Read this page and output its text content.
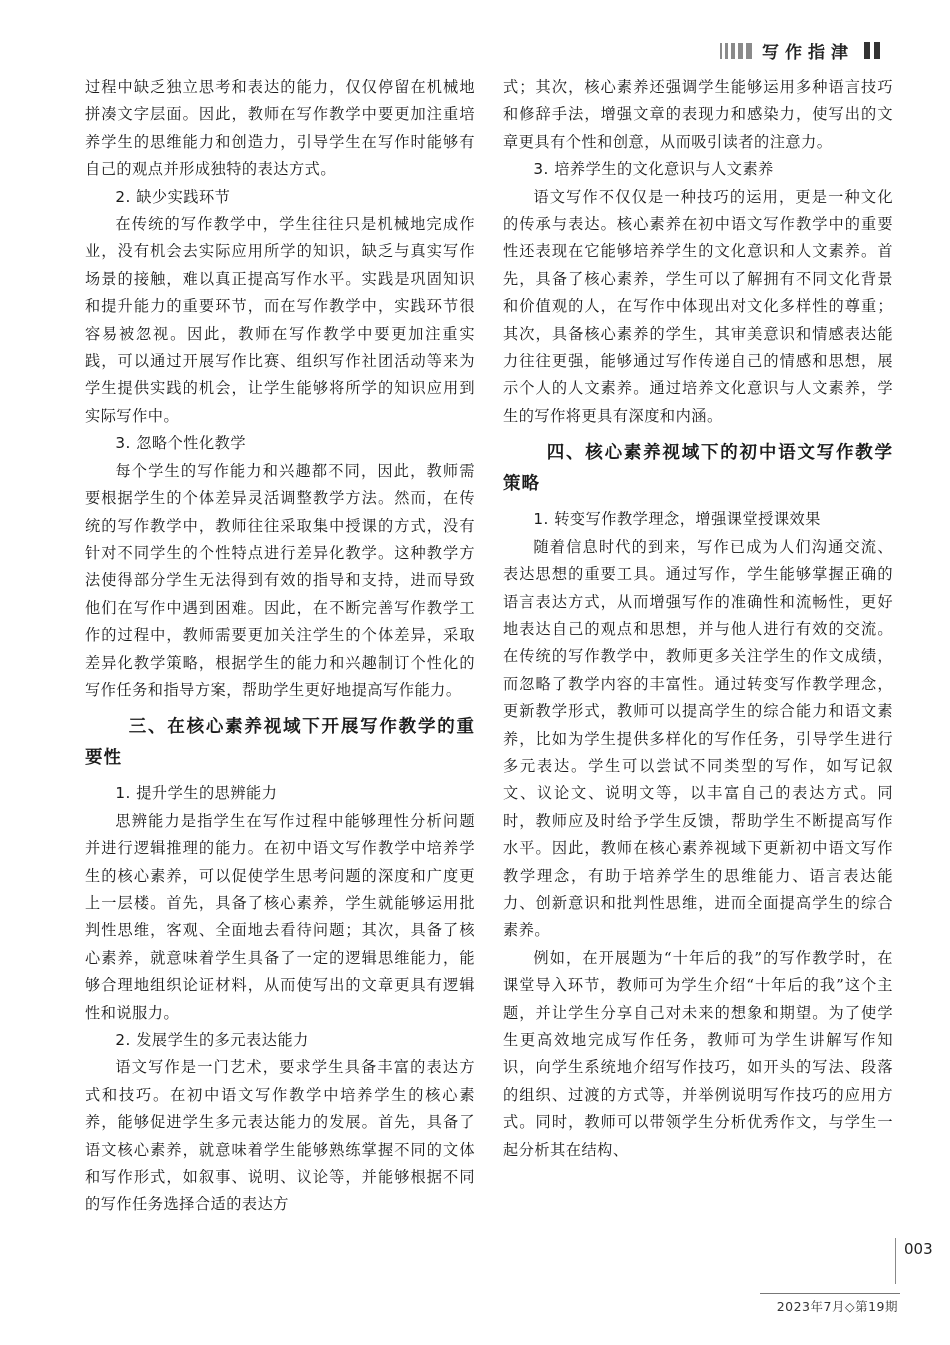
写作指津

过程中缺乏独立思考和表达的能力，仅仅停留在机械地拼凑文字层面。因此，教师在写作教学中要更加注重培养学生的思维能力和创造力，引导学生在写作时能够有自己的观点并形成独特的表达方式。

2. 缺少实践环节

在传统的写作教学中，学生往往只是机械地完成作业，没有机会去实际应用所学的知识，缺乏与真实写作场景的接触，难以真正提高写作水平。实践是巩固知识和提升能力的重要环节，而在写作教学中，实践环节很容易被忽视。因此，教师在写作教学中要更加注重实践，可以通过开展写作比赛、组织写作社团活动等来为学生提供实践的机会，让学生能够将所学的知识应用到实际写作中。

3. 忽略个性化教学

每个学生的写作能力和兴趣都不同，因此，教师需要根据学生的个体差异灵活调整教学方法。然而，在传统的写作教学中，教师往往采取集中授课的方式，没有针对不同学生的个性特点进行差异化教学。这种教学方法使得部分学生无法得到有效的指导和支持，进而导致他们在写作中遇到困难。因此，在不断完善写作教学工作的过程中，教师需要更加关注学生的个体差异，采取差异化教学策略，根据学生的能力和兴趣制订个性化的写作任务和指导方案，帮助学生更好地提高写作能力。

三、在核心素养视域下开展写作教学的重要性
1. 提升学生的思辨能力

思辨能力是指学生在写作过程中能够理性分析问题并进行逻辑推理的能力。在初中语文写作教学中培养学生的核心素养，可以促使学生思考问题的深度和广度更上一层楼。首先，具备了核心素养，学生就能够运用批判性思维，客观、全面地去看待问题；其次，具备了核心素养，就意味着学生具备了一定的逻辑思维能力，能够合理地组织论证材料，从而使写出的文章更具有逻辑性和说服力。

2. 发展学生的多元表达能力

语文写作是一门艺术，要求学生具备丰富的表达方式和技巧。在初中语文写作教学中培养学生的核心素养，能够促进学生多元表达能力的发展。首先，具备了语文核心素养，就意味着学生能够熟练掌握不同的文体和写作形式，如叙事、说明、议论等，并能够根据不同的写作任务选择合适的表达方

式；其次，核心素养还强调学生能够运用多种语言技巧和修辞手法，增强文章的表现力和感染力，使写出的文章更具有个性和创意，从而吸引读者的注意力。

3. 培养学生的文化意识与人文素养

语文写作不仅仅是一种技巧的运用，更是一种文化的传承与表达。核心素养在初中语文写作教学中的重要性还表现在它能够培养学生的文化意识和人文素养。首先，具备了核心素养，学生可以了解拥有不同文化背景和价值观的人，在写作中体现出对文化多样性的尊重；其次，具备核心素养的学生，其审美意识和情感表达能力往往更强，能够通过写作传递自己的情感和思想，展示个人的人文素养。通过培养文化意识与人文素养，学生的写作将更具有深度和内涵。

四、核心素养视域下的初中语文写作教学策略
1. 转变写作教学理念，增强课堂授课效果

随着信息时代的到来，写作已成为人们沟通交流、表达思想的重要工具。通过写作，学生能够掌握正确的语言表达方式，从而增强写作的准确性和流畅性，更好地表达自己的观点和思想，并与他人进行有效的交流。在传统的写作教学中，教师更多关注学生的作文成绩，而忽略了教学内容的丰富性。通过转变写作教学理念，更新教学形式，教师可以提高学生的综合能力和语文素养，比如为学生提供多样化的写作任务，引导学生进行多元表达。学生可以尝试不同类型的写作，如写记叙文、议论文、说明文等，以丰富自己的表达方式。同时，教师应及时给予学生反馈，帮助学生不断提高写作水平。因此，教师在核心素养视域下更新初中语文写作教学理念，有助于培养学生的思维能力、语言表达能力、创新意识和批判性思维，进而全面提高学生的综合素养。

例如，在开展题为“十年后的我”的写作教学时，在课堂导入环节，教师可为学生介绍“十年后的我”这个主题，并让学生分享自己对未来的想象和期望。为了使学生更高效地完成写作任务，教师可为学生讲解写作知识，向学生系统地介绍写作技巧，如开头的写法、段落的组织、过渡的方式等，并举例说明写作技巧的应用方式。同时，教师可以带领学生分析优秀作文，与学生一起分析其在结构、

003
2023年7月◇第19期
